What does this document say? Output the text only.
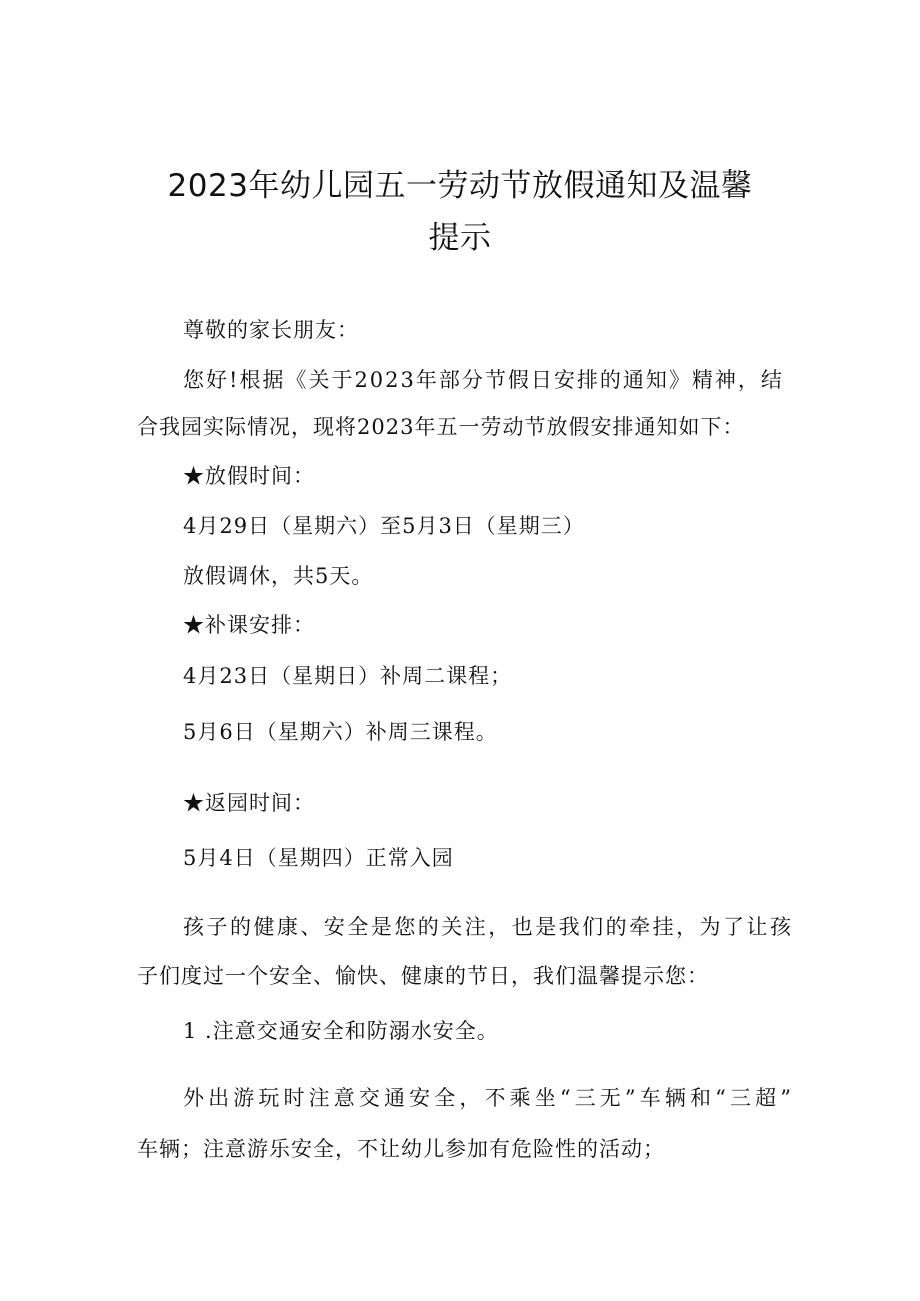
2023年幼儿园五一劳动节放假通知及温馨
提示
尊敬的家长朋友：
您好!根据《关于2023年部分节假日安排的通知》精神，结
合我园实际情况，现将2023年五一劳动节放假安排通知如下：
★放假时间：
4月29日（星期六）至5月3日（星期三）
放假调休，共5天。
★补课安排：
4月23日（星期日）补周二课程；
5月6日（星期六）补周三课程。
★返园时间：
5月4日（星期四）正常入园
孩子的健康、安全是您的关注，也是我们的牵挂，为了让孩
子们度过一个安全、愉快、健康的节日，我们温馨提示您：
1 .注意交通安全和防溺水安全。
外出游玩时注意交通安全，不乘坐“三无”车辆和“三超”
车辆；注意游乐安全，不让幼儿参加有危险性的活动；
